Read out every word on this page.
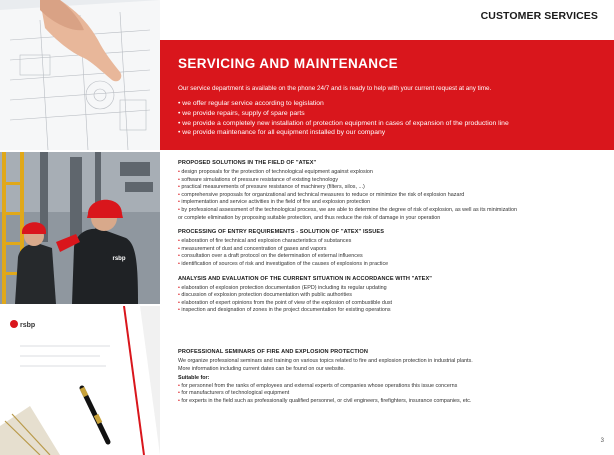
rsbp
rsbp
CUSTOMER SERVICES
SERVICING AND MAINTENANCE

Our service department is available on the phone 24/7 and is ready to help with your current request at any time.

• we offer regular service according to legislation
• we provide repairs, supply of spare parts
• we provide a completely new installation of protection equipment in cases of expansion of the production line
• we provide maintenance for all equipment installed by our company
PROPOSED SOLUTIONS IN THE FIELD OF "ATEX"
• design proposals for the protection of technological equipment against explosion
• software simulations of pressure resistance of existing technology
• practical measurements of pressure resistance of machinery (filters, silos, ...)
• comprehensive proposals for organizational and technical measures to reduce or minimize the risk of explosion hazard
• implementation and service activities in the field of fire and explosion protection
• by professional assessment of the technological process, we are able to determine the degree of risk of explosion, as well as its minimization
or complete elimination by proposing suitable protection, and thus reduce the risk of damage in your operation
PROCESSING OF ENTRY REQUIREMENTS - SOLUTION OF "ATEX" ISSUES
• elaboration of fire technical and explosion characteristics of substances
• measurement of dust and concentration of gases and vapors
• consultation over a draft protocol on the determination of external influences
• identification of sources of risk and investigation of the causes of explosions in practice
ANALYSIS AND EVALUATION OF THE CURRENT SITUATION IN ACCORDANCE WITH "ATEX"
• elaboration of explosion protection documentation (EPD) including its regular updating
• discussion of explosion protection documentation with public authorities
• elaboration of expert opinions from the point of view of the explosion of combustible dust
• inspection and designation of zones in the project documentation for existing operations
PROFESSIONAL SEMINARS OF FIRE AND EXPLOSION PROTECTION

We organize professional seminars and training on various topics related to fire and explosion protection in industrial plants.

More information including current dates can be found on our website.

Suitable for:

• for personnel from the ranks of employees and external experts of companies whose operations this issue concerns
• for manufacturers of technological equipment
• for experts in the field such as professionally qualified personnel, or civil engineers, firefighters, insurance companies, etc.
3
